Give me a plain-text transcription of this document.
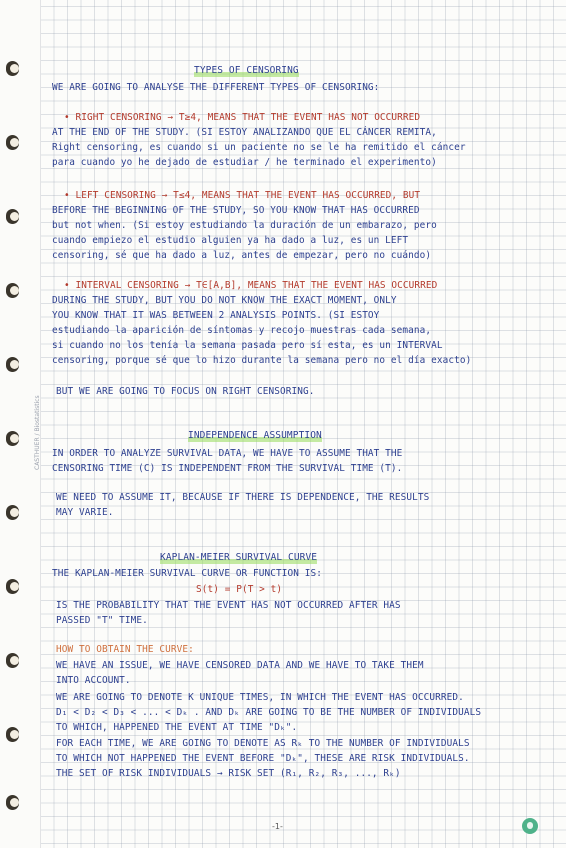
CASTHUER / Biostatistics
TYPES OF CENSORING
WE ARE GOING TO ANALYSE THE DIFFERENT TYPES OF CENSORING:
• RIGHT CENSORING → T≥4, MEANS THAT THE EVENT HAS NOT OCCURRED
AT THE END OF THE STUDY. (SI ESTOY ANALIZANDO QUE EL CÁNCER REMITA,
Right censoring, es cuando si un paciente no se le ha remitido el cáncer
para cuando yo he dejado de estudiar / he terminado el experimento)
• LEFT CENSORING → T≤4, MEANS THAT THE EVENT HAS OCCURRED, BUT
BEFORE THE BEGINNING OF THE STUDY, SO YOU KNOW THAT HAS OCCURRED
but not when. (Si estoy estudiando la duración de un embarazo, pero
cuando empiezo el estudio alguien ya ha dado a luz, es un LEFT
censoring, sé que ha dado a luz, antes de empezar, pero no cuándo)
• INTERVAL CENSORING → T∈[A,B], MEANS THAT THE EVENT HAS OCCURRED
DURING THE STUDY, BUT YOU DO NOT KNOW THE EXACT MOMENT, ONLY
YOU KNOW THAT IT WAS BETWEEN 2 ANALYSIS POINTS. (SI ESTOY
estudiando la aparición de síntomas y recojo muestras cada semana,
si cuando no los tenía la semana pasada pero sí esta, es un INTERVAL
censoring, porque sé que lo hizo durante la semana pero no el día exacto)
BUT WE ARE GOING TO FOCUS ON RIGHT CENSORING.
INDEPENDENCE ASSUMPTION
IN ORDER TO ANALYZE SURVIVAL DATA, WE HAVE TO ASSUME THAT THE
CENSORING TIME (C) IS INDEPENDENT FROM THE SURVIVAL TIME (T).
WE NEED TO ASSUME IT, BECAUSE IF THERE IS DEPENDENCE, THE RESULTS
MAY VARIE.
KAPLAN-MEIER SURVIVAL CURVE
THE KAPLAN-MEIER SURVIVAL CURVE OR FUNCTION IS:
S(t) = P(T > t)
IS THE PROBABILITY THAT THE EVENT HAS NOT OCCURRED AFTER HAS
PASSED "T" TIME.
HOW TO OBTAIN THE CURVE:
WE HAVE AN ISSUE, WE HAVE CENSORED DATA AND WE HAVE TO TAKE THEM
INTO ACCOUNT.
WE ARE GOING TO DENOTE K UNIQUE TIMES, IN WHICH THE EVENT HAS OCCURRED.
D₁ < D₂ < D₃ < ... < Dₖ . AND Dₖ ARE GOING TO BE THE NUMBER OF INDIVIDUALS
TO WHICH, HAPPENED THE EVENT AT TIME "Dₖ".
FOR EACH TIME, WE ARE GOING TO DENOTE AS Rₖ TO THE NUMBER OF INDIVIDUALS
TO WHICH NOT HAPPENED THE EVENT BEFORE "Dₖ", THESE ARE RISK INDIVIDUALS.
THE SET OF RISK INDIVIDUALS → RISK SET (R₁, R₂, R₃, ..., Rₖ)
-1-
